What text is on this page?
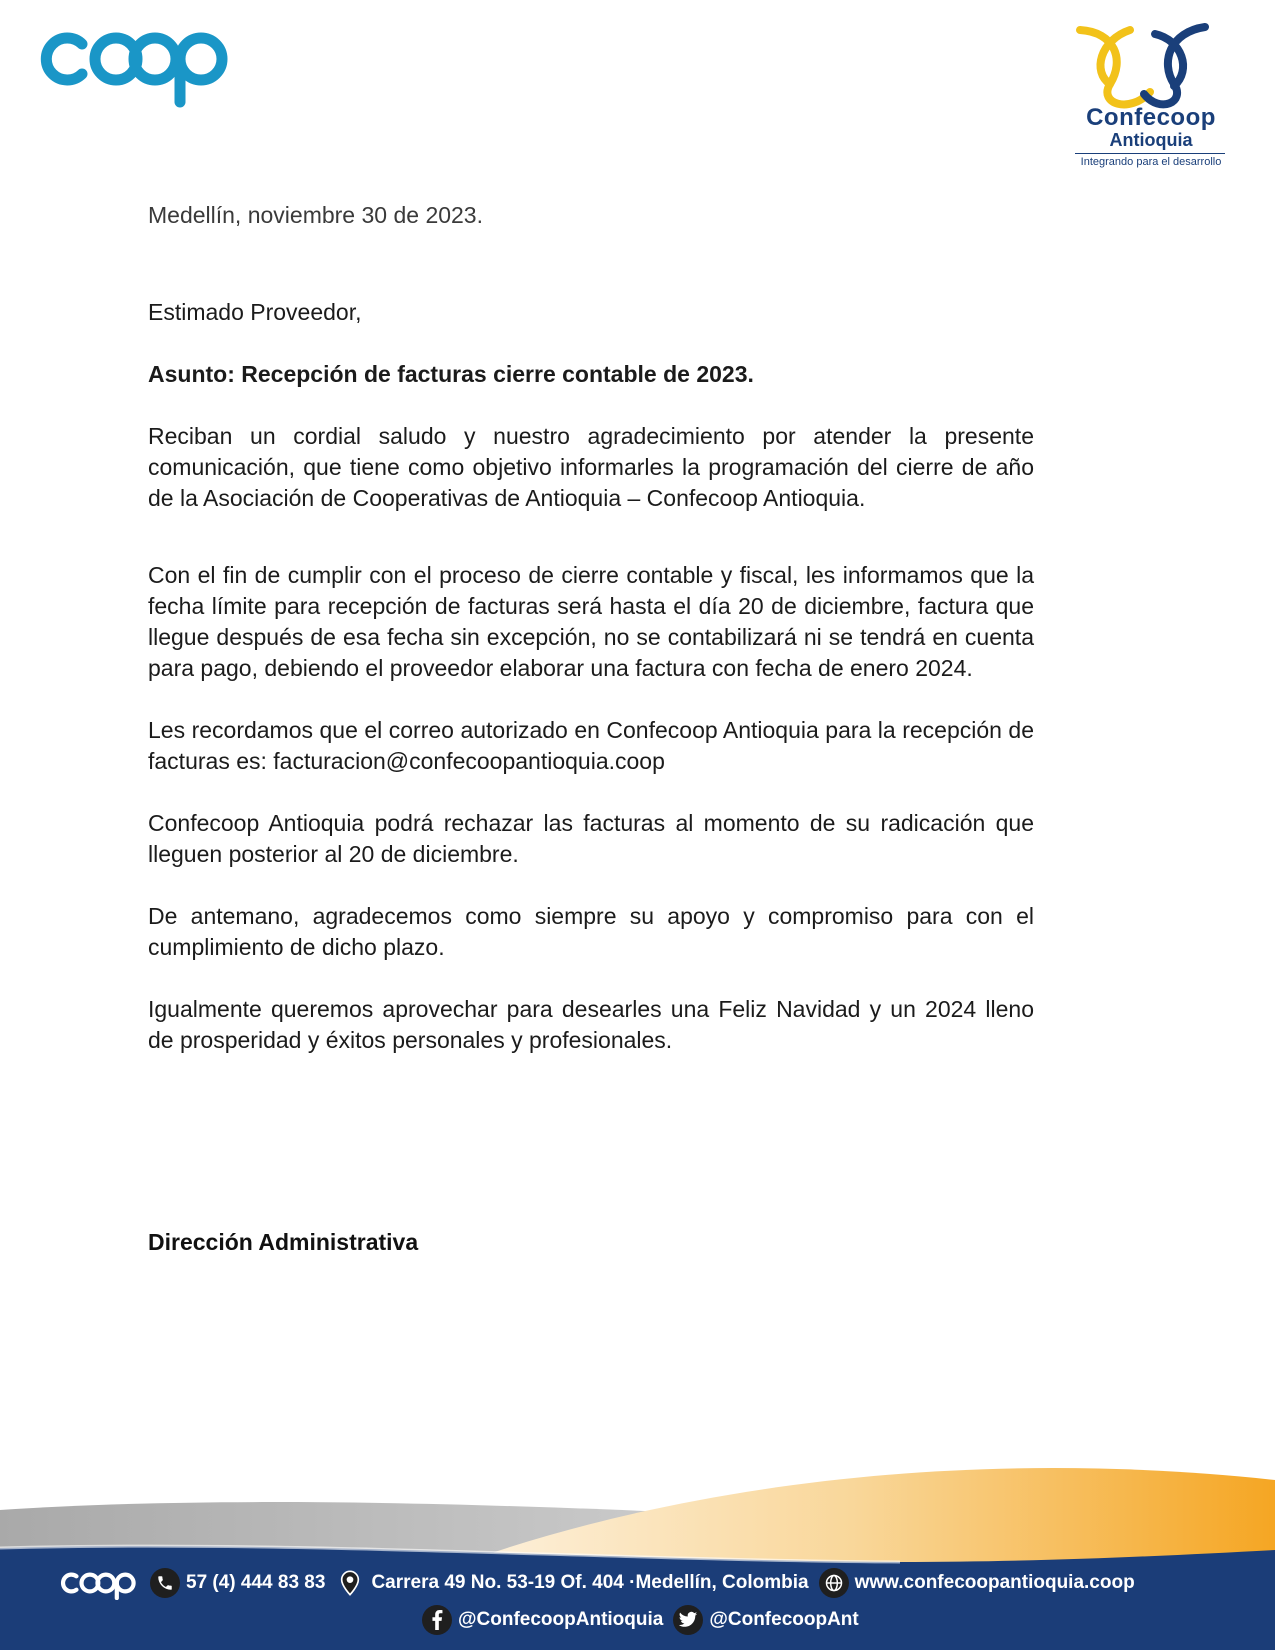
Confecoop
Antioquia
Integrando para el desarrollo

Medellín, noviembre 30 de 2023.

Estimado Proveedor,

Asunto: Recepción de facturas cierre contable de 2023.

Reciban un cordial saludo y nuestro agradecimiento por atender la presente comunicación, que tiene como objetivo informarles la programación del cierre de año de la Asociación de Cooperativas de Antioquia – Confecoop Antioquia.

Con el fin de cumplir con el proceso de cierre contable y fiscal, les informamos que la fecha límite para recepción de facturas será hasta el día 20 de diciembre, factura que llegue después de esa fecha sin excepción, no se contabilizará ni se tendrá en cuenta para pago, debiendo el proveedor elaborar una factura con fecha de enero 2024.

Les recordamos que el correo autorizado en Confecoop Antioquia para la recepción de facturas es: facturacion@confecoopantioquia.coop

Confecoop Antioquia podrá rechazar las facturas al momento de su radicación que lleguen posterior al 20 de diciembre.

De antemano, agradecemos como siempre su apoyo y compromiso para con el cumplimiento de dicho plazo.

Igualmente queremos aprovechar para desearles una Feliz Navidad y un 2024 lleno de prosperidad y éxitos personales y profesionales.

Dirección Administrativa
57 (4) 444 83 83 Carrera 49 No. 53-19 Of. 404 ·Medellín, Colombia www.confecoopantioquia.coop
@ConfecoopAntioquia @ConfecoopAnt
